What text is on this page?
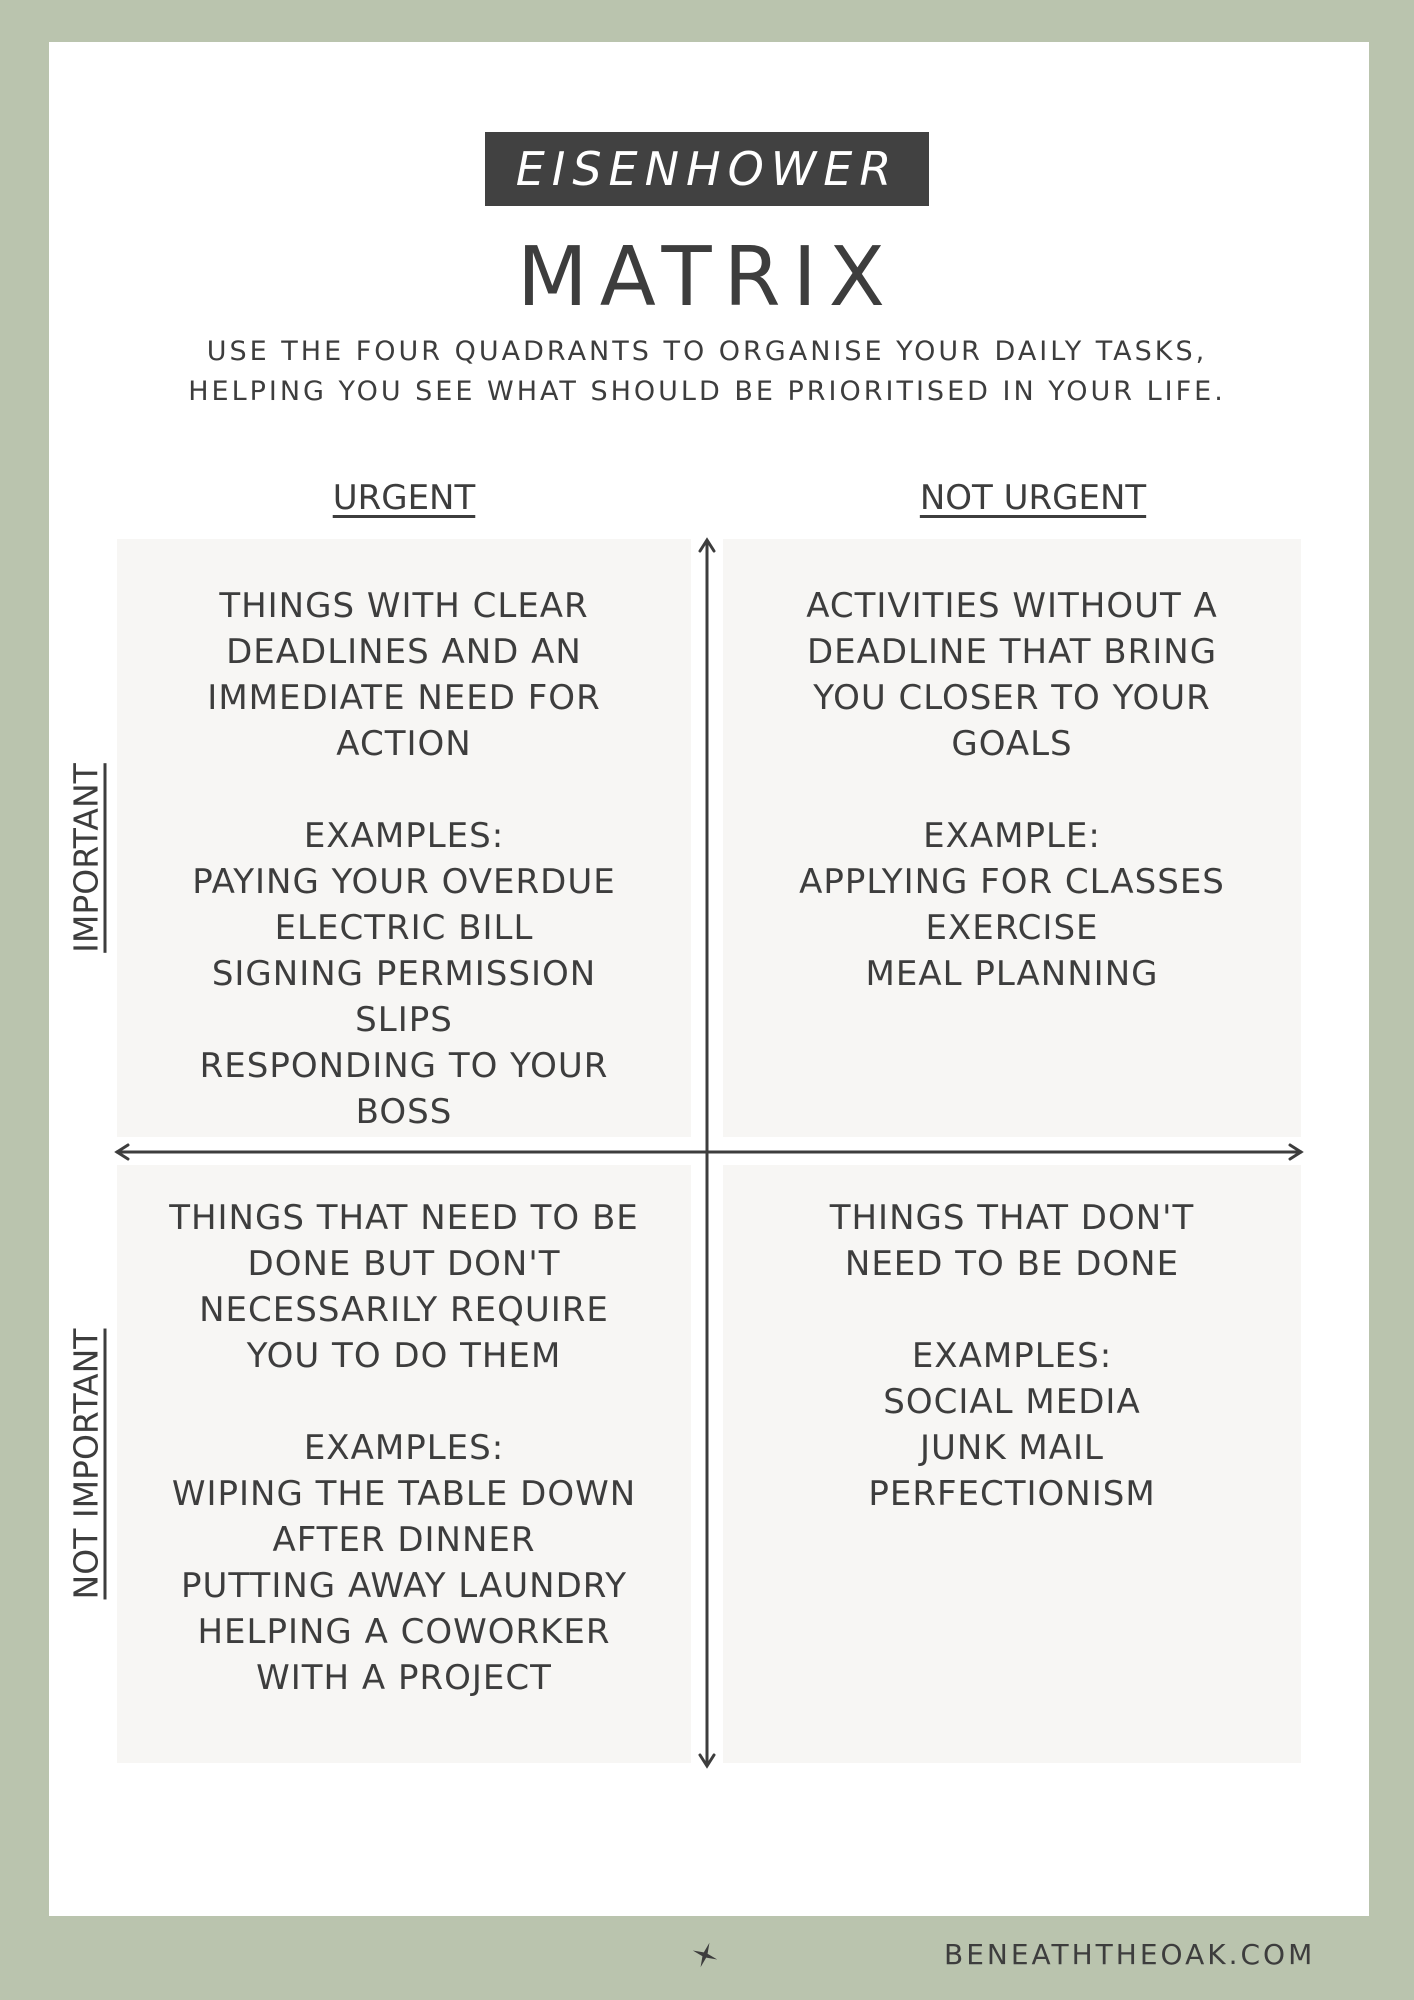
EISENHOWER
MATRIX
USE THE FOUR QUADRANTS TO ORGANISE YOUR DAILY TASKS,
HELPING YOU SEE WHAT SHOULD BE PRIORITISED IN YOUR LIFE.
URGENT	NOT URGENT
IMPORTANT
NOT IMPORTANT
THINGS WITH CLEAR
DEADLINES AND AN
IMMEDIATE NEED FOR
ACTION
EXAMPLES:
PAYING YOUR OVERDUE
ELECTRIC BILL
SIGNING PERMISSION
SLIPS
RESPONDING TO YOUR
BOSS
ACTIVITIES WITHOUT A
DEADLINE THAT BRING
YOU CLOSER TO YOUR
GOALS
EXAMPLE:
APPLYING FOR CLASSES
EXERCISE
MEAL PLANNING
THINGS THAT NEED TO BE
DONE BUT DON'T
NECESSARILY REQUIRE
YOU TO DO THEM
EXAMPLES:
WIPING THE TABLE DOWN
AFTER DINNER
PUTTING AWAY LAUNDRY
HELPING A COWORKER
WITH A PROJECT
THINGS THAT DON'T
NEED TO BE DONE
EXAMPLES:
SOCIAL MEDIA
JUNK MAIL
PERFECTIONISM
BENEATHTHEOAK.COM
